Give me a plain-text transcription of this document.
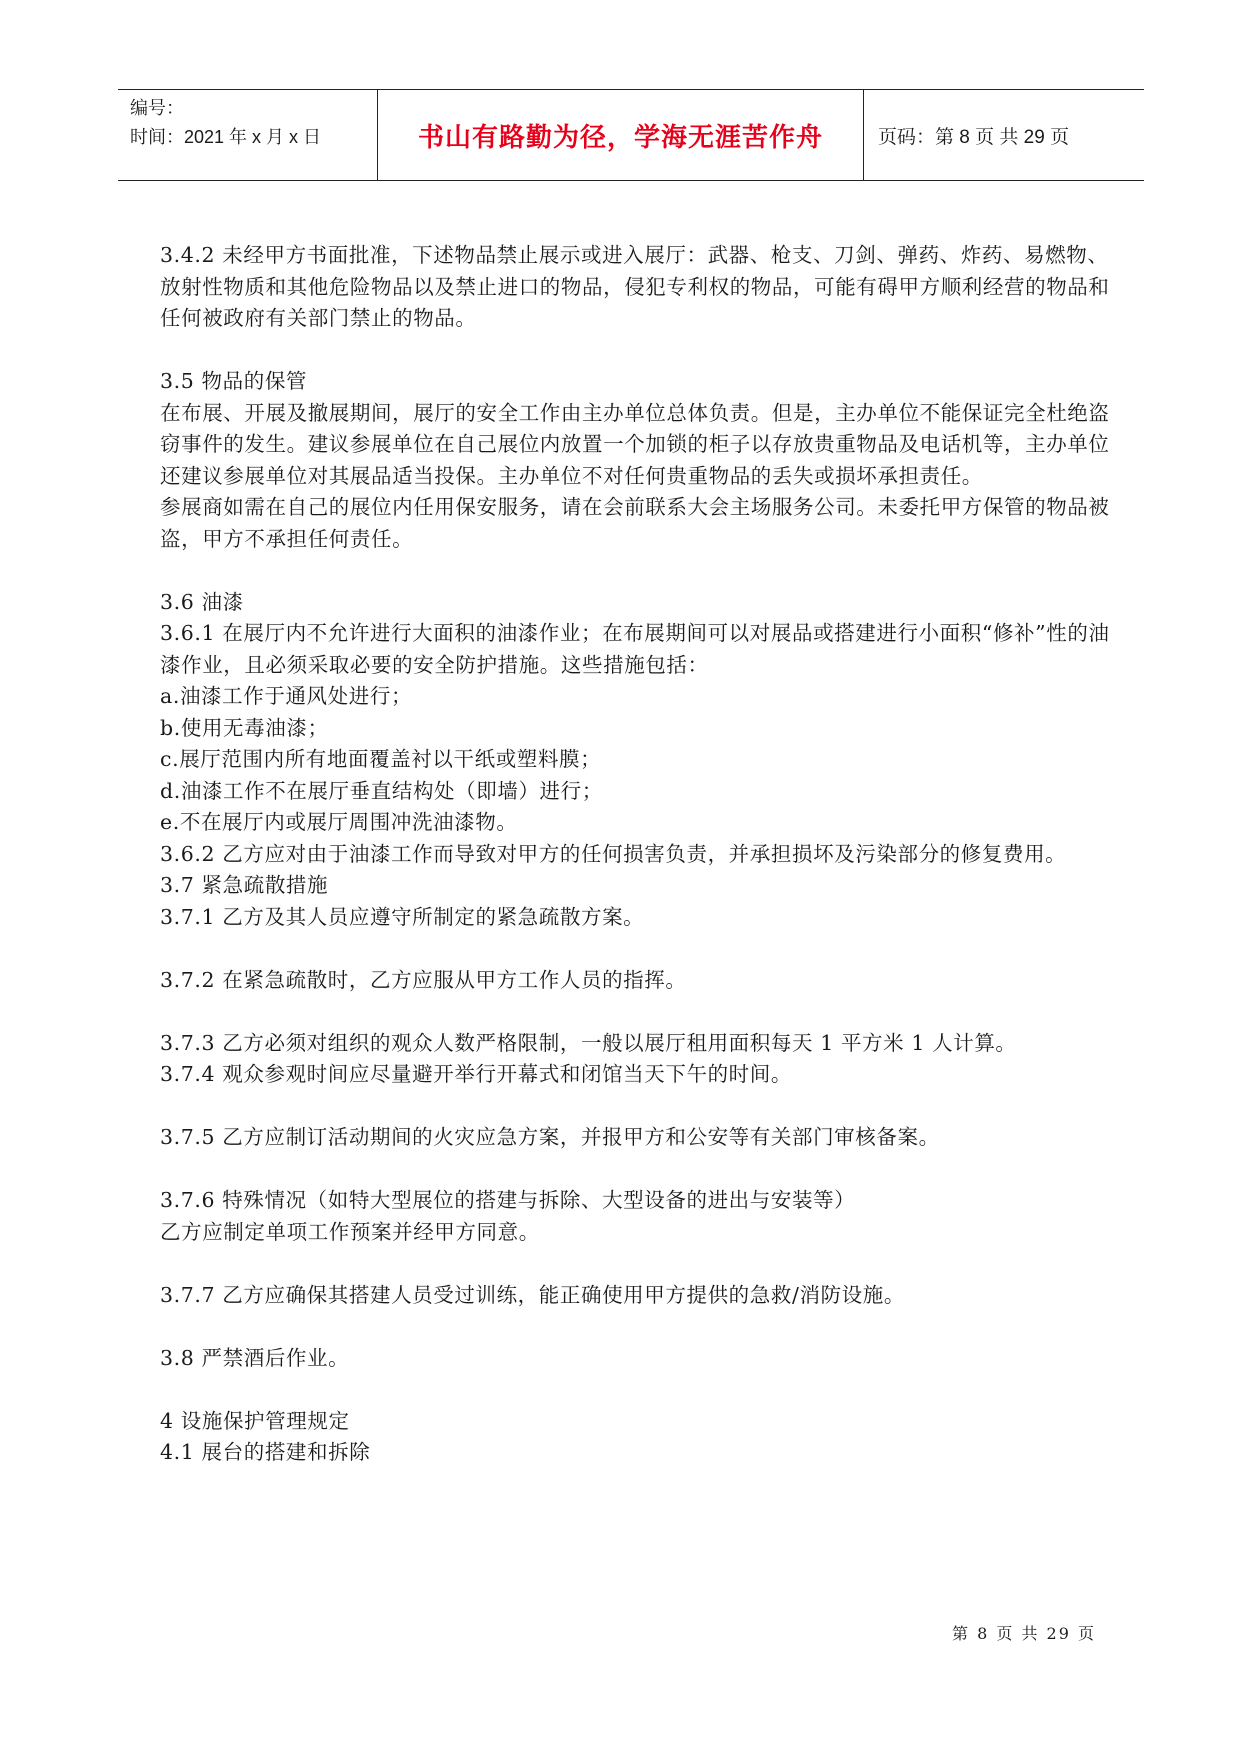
编号：
时间：2021 年 x 月 x 日	书山有路勤为径，学海无涯苦作舟	页码：第 8 页 共 29 页

3.4.2 未经甲方书面批准，下述物品禁止展示或进入展厅：武器、枪支、刀剑、弹药、炸药、易燃物、放射性物质和其他危险物品以及禁止进口的物品，侵犯专利权的物品，可能有碍甲方顺利经营的物品和任何被政府有关部门禁止的物品。

3.5 物品的保管

在布展、开展及撤展期间，展厅的安全工作由主办单位总体负责。但是，主办单位不能保证完全杜绝盗窃事件的发生。建议参展单位在自己展位内放置一个加锁的柜子以存放贵重物品及电话机等，主办单位还建议参展单位对其展品适当投保。主办单位不对任何贵重物品的丢失或损坏承担责任。

参展商如需在自己的展位内任用保安服务，请在会前联系大会主场服务公司。未委托甲方保管的物品被盗，甲方不承担任何责任。

3.6 油漆

3.6.1 在展厅内不允许进行大面积的油漆作业；在布展期间可以对展品或搭建进行小面积“修补”性的油漆作业，且必须采取必要的安全防护措施。这些措施包括：

a.油漆工作于通风处进行；

b.使用无毒油漆；

c.展厅范围内所有地面覆盖衬以干纸或塑料膜；

d.油漆工作不在展厅垂直结构处（即墙）进行；

e.不在展厅内或展厅周围冲洗油漆物。

3.6.2 乙方应对由于油漆工作而导致对甲方的任何损害负责，并承担损坏及污染部分的修复费用。

3.7 紧急疏散措施

3.7.1 乙方及其人员应遵守所制定的紧急疏散方案。

3.7.2 在紧急疏散时，乙方应服从甲方工作人员的指挥。

3.7.3 乙方必须对组织的观众人数严格限制，一般以展厅租用面积每天 1 平方米 1 人计算。

3.7.4 观众参观时间应尽量避开举行开幕式和闭馆当天下午的时间。

3.7.5 乙方应制订活动期间的火灾应急方案，并报甲方和公安等有关部门审核备案。

3.7.6 特殊情况（如特大型展位的搭建与拆除、大型设备的进出与安装等）

乙方应制定单项工作预案并经甲方同意。

3.7.7 乙方应确保其搭建人员受过训练，能正确使用甲方提供的急救/消防设施。

3.8 严禁酒后作业。

4 设施保护管理规定

4.1 展台的搭建和拆除

第 8 页 共 29 页
